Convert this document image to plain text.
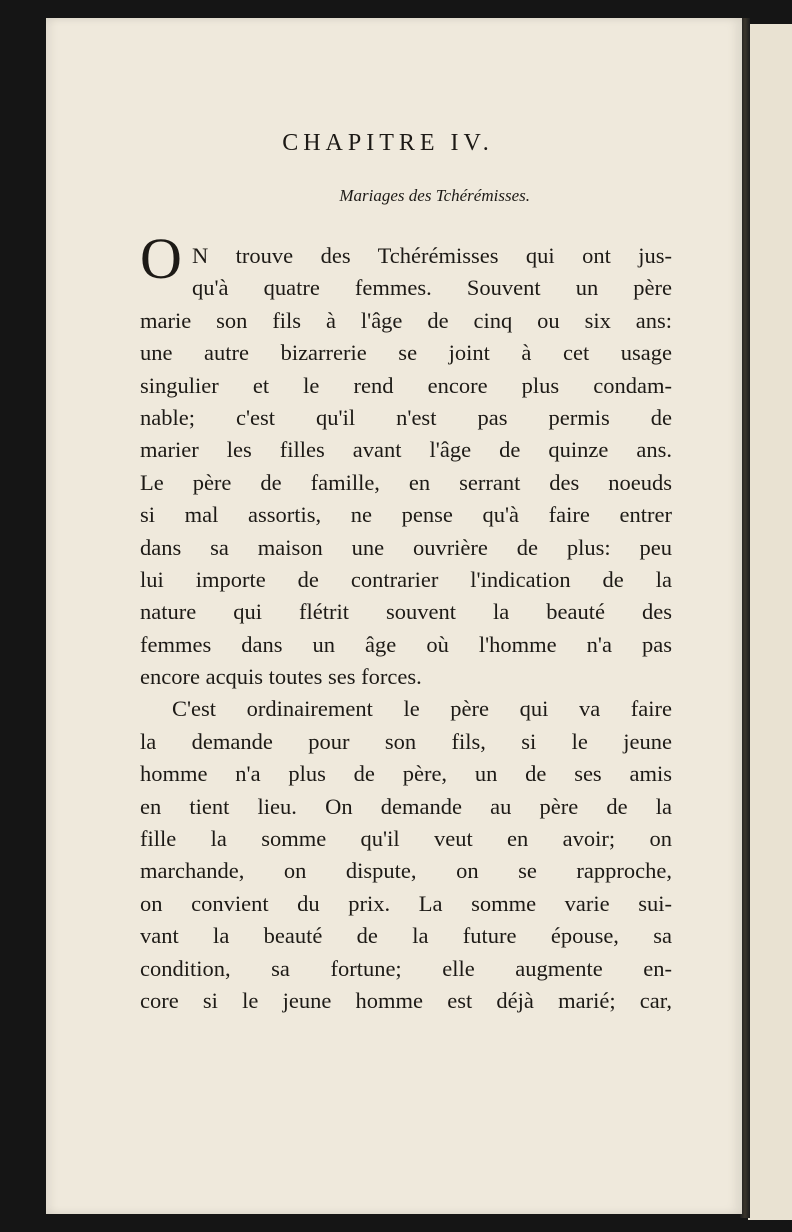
CHAPITRE IV.
Mariages des Tchérémisses.
O N trouve des Tchérémisses qui ont jus-
qu'à quatre femmes. Souvent un père
marie son fils à l'âge de cinq ou six ans:
une autre bizarrerie se joint à cet usage
singulier et le rend encore plus condam-
nable; c'est qu'il n'est pas permis de
marier les filles avant l'âge de quinze ans.
Le père de famille, en serrant des noeuds
si mal assortis, ne pense qu'à faire entrer
dans sa maison une ouvrière de plus: peu
lui importe de contrarier l'indication de la
nature qui flétrit souvent la beauté des
femmes dans un âge où l'homme n'a pas
encore acquis toutes ses forces.
C'est ordinairement le père qui va faire
la demande pour son fils, si le jeune
homme n'a plus de père, un de ses amis
en tient lieu. On demande au père de la
fille la somme qu'il veut en avoir; on
marchande, on dispute, on se rapproche,
on convient du prix. La somme varie sui-
vant la beauté de la future épouse, sa
condition, sa fortune; elle augmente en-
core si le jeune homme est déjà marié; car,
